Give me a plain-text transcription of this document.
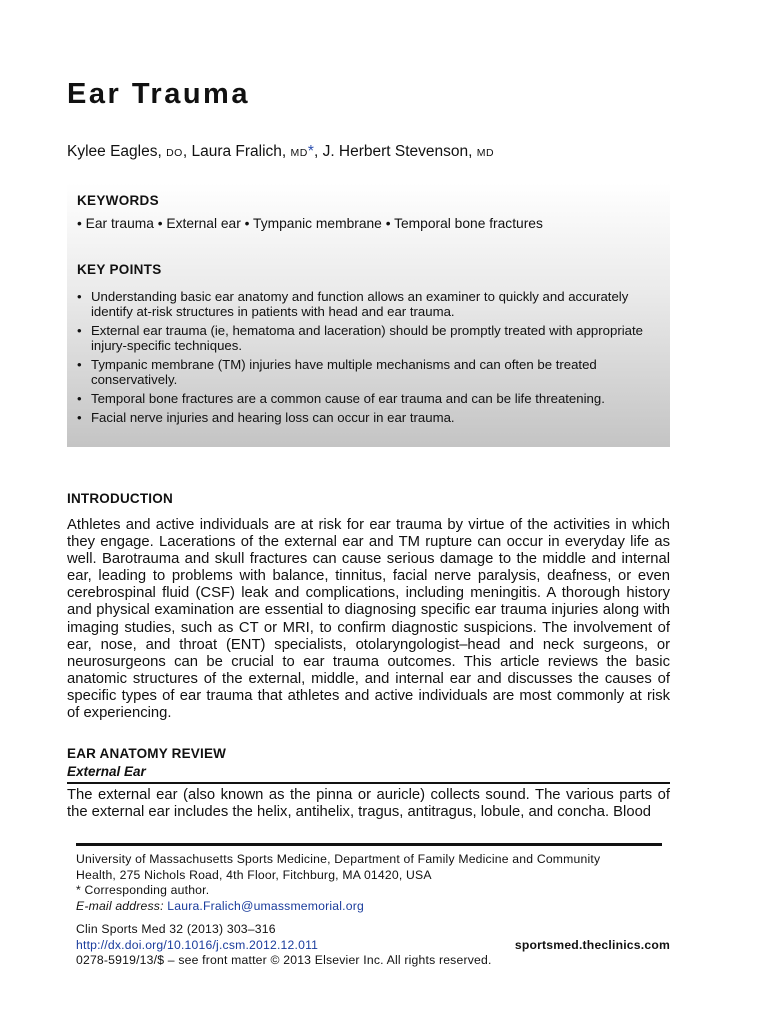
Ear Trauma
Kylee Eagles, DO, Laura Fralich, MD*, J. Herbert Stevenson, MD
KEYWORDS
• Ear trauma • External ear • Tympanic membrane • Temporal bone fractures
KEY POINTS
• Understanding basic ear anatomy and function allows an examiner to quickly and accurately identify at-risk structures in patients with head and ear trauma.
• External ear trauma (ie, hematoma and laceration) should be promptly treated with appropriate injury-specific techniques.
• Tympanic membrane (TM) injuries have multiple mechanisms and can often be treated conservatively.
• Temporal bone fractures are a common cause of ear trauma and can be life threatening.
• Facial nerve injuries and hearing loss can occur in ear trauma.
INTRODUCTION

Athletes and active individuals are at risk for ear trauma by virtue of the activities in which they engage. Lacerations of the external ear and TM rupture can occur in everyday life as well. Barotrauma and skull fractures can cause serious damage to the middle and internal ear, leading to problems with balance, tinnitus, facial nerve paralysis, deafness, or even cerebrospinal fluid (CSF) leak and complications, including meningitis. A thorough history and physical examination are essential to diagnosing specific ear trauma injuries along with imaging studies, such as CT or MRI, to confirm diagnostic suspicions. The involvement of ear, nose, and throat (ENT) specialists, otolaryngologist–head and neck surgeons, or neurosurgeons can be crucial to ear trauma outcomes. This article reviews the basic anatomic structures of the external, middle, and internal ear and discusses the causes of specific types of ear trauma that athletes and active individuals are most commonly at risk of experiencing.

EAR ANATOMY REVIEW
External Ear

The external ear (also known as the pinna or auricle) collects sound. The various parts of the external ear includes the helix, antihelix, tragus, antitragus, lobule, and concha. Blood

University of Massachusetts Sports Medicine, Department of Family Medicine and Community
Health, 275 Nichols Road, 4th Floor, Fitchburg, MA 01420, USA
* Corresponding author.
E-mail address: Laura.Fralich@umassmemorial.org
Clin Sports Med 32 (2013) 303–316
http://dx.doi.org/10.1016/j.csm.2012.12.011	sportsmed.theclinics.com
0278-5919/13/$ – see front matter © 2013 Elsevier Inc. All rights reserved.
